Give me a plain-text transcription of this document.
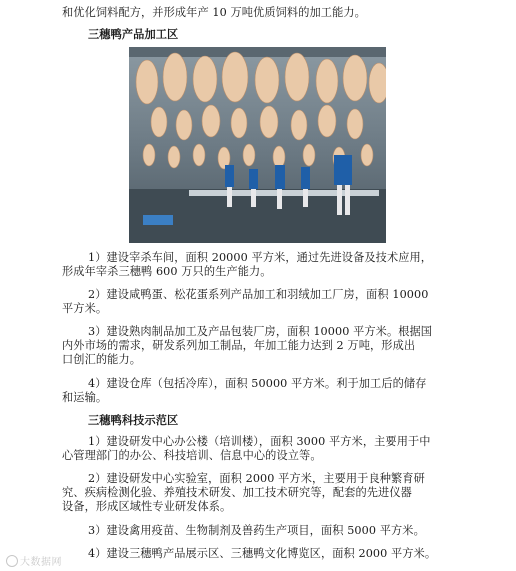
和优化饲料配方，并形成年产 10 万吨优质饲料的加工能力。
三穗鸭产品加工区
1）建设宰杀车间，面积 20000 平方米，通过先进设备及技术应用，
形成年宰杀三穗鸭 600 万只的生产能力。
2）建设咸鸭蛋、松花蛋系列产品加工和羽绒加工厂房，面积 10000
平方米。
3）建设熟肉制品加工及产品包装厂房，面积 10000 平方米。根据国
内外市场的需求，研发系列加工制品，年加工能力达到 2 万吨，形成出
口创汇的能力。
4）建设仓库（包括冷库），面积 50000 平方米。利于加工后的储存
和运输。
三穗鸭科技示范区
1）建设研发中心办公楼（培训楼），面积 3000 平方米，主要用于中
心管理部门的办公、科技培训、信息中心的设立等。
2）建设研发中心实验室，面积 2000 平方米，主要用于良种繁育研
究、疾病检测化验、养殖技术研发、加工技术研究等，配套的先进仪器
设备，形成区域性专业研发体系。
3）建设禽用疫苗、生物制剂及兽药生产项目，面积 5000 平方米。
4）建设三穗鸭产品展示区、三穗鸭文化博览区，面积 2000 平方米。
大数据网
